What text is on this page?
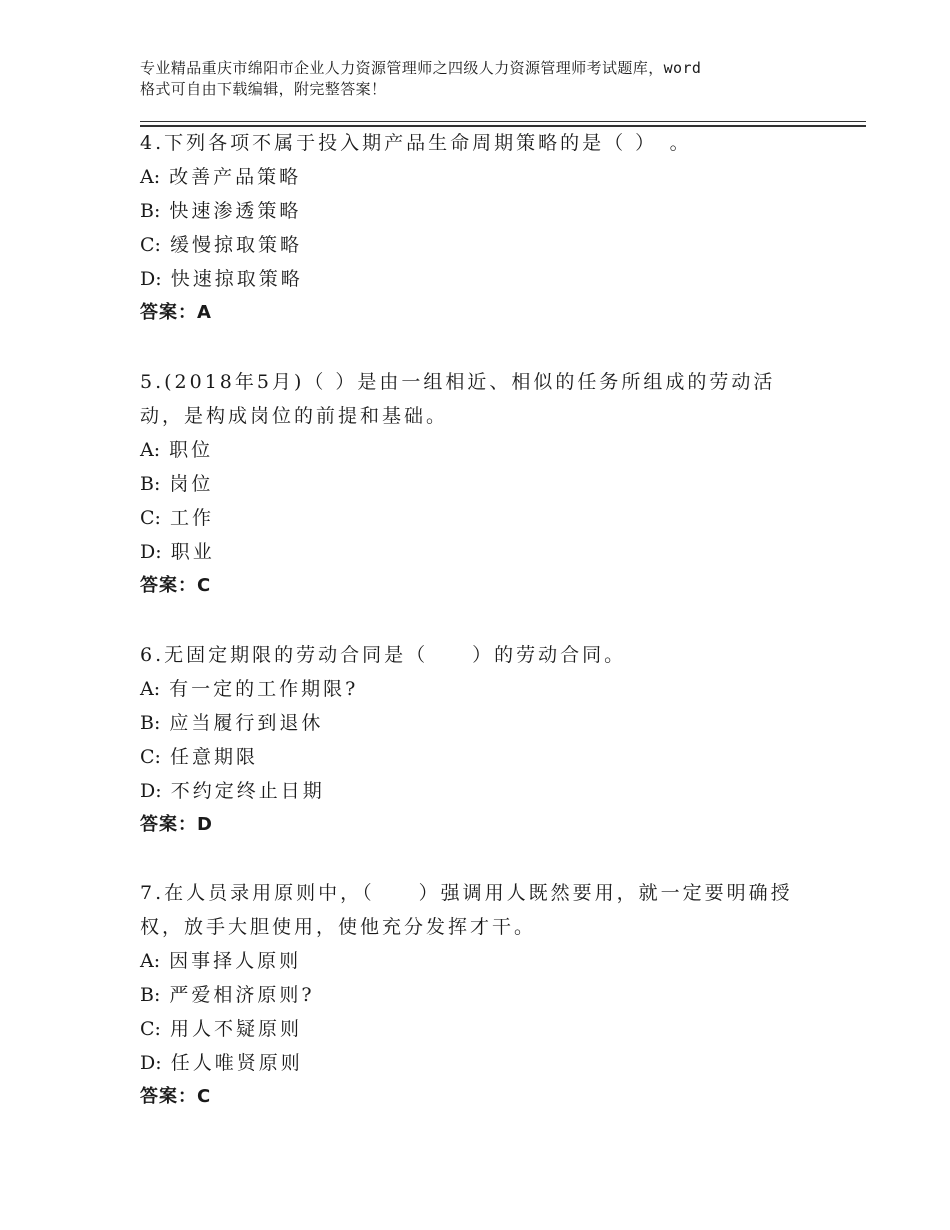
专业精品重庆市绵阳市企业人力资源管理师之四级人力资源管理师考试题库，word
格式可自由下载编辑，附完整答案！
4.下列各项不属于投入期产品生命周期策略的是（ ）　。
A: 改善产品策略
B: 快速渗透策略
C: 缓慢掠取策略
D: 快速掠取策略
答案：A
5.(2018年5月)（ ）是由一组相近、相似的任务所组成的劳动活
动，是构成岗位的前提和基础。
A: 职位
B: 岗位
C: 工作
D: 职业
答案：C
6.无固定期限的劳动合同是（　　）的劳动合同。
A: 有一定的工作期限?
B: 应当履行到退休
C: 任意期限
D: 不约定终止日期
答案：D
7.在人员录用原则中，（　　）强调用人既然要用，就一定要明确授
权，放手大胆使用，使他充分发挥才干。
A: 因事择人原则
B: 严爱相济原则?
C: 用人不疑原则
D: 任人唯贤原则
答案：C
